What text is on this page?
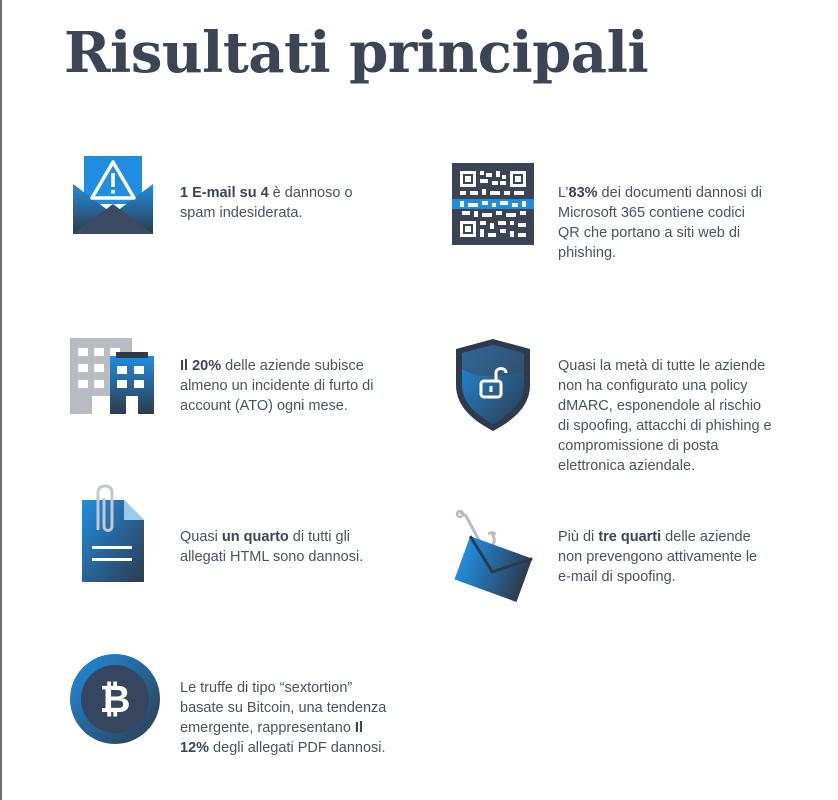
Risultati principali
1 E-mail su 4 è dannoso o spam indesiderata.
L’83% dei documenti dannosi di Microsoft 365 contiene codici QR che portano a siti web di phishing.
Il 20% delle aziende subisce almeno un incidente di furto di account (ATO) ogni mese.
Quasi la metà di tutte le aziende non ha configurato una policy dMARC, esponendole al rischio di spoofing, attacchi di phishing e compromissione di posta elettronica aziendale.
Quasi un quarto di tutti gli allegati HTML sono dannosi.
Più di tre quarti delle aziende non prevengono attivamente le e-mail di spoofing.
₿	Le truffe di tipo “sextortion” basate su Bitcoin, una tendenza emergente, rappresentano Il 12% degli allegati PDF dannosi.
